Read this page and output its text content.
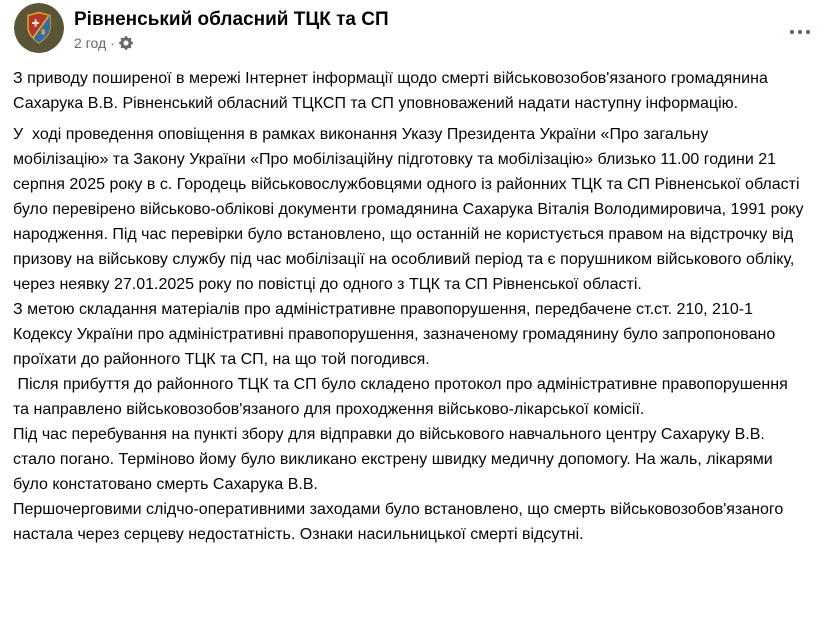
Рівненський обласний ТЦК та СП
2 год ·

З приводу поширеної в мережі Інтернет інформації щодо смерті військовозобов'язаного громадянина  Сахарука В.В. Рівненський обласний ТЦКСП та СП уповноважений надати наступну інформацію.

У  ході проведення оповіщення в рамках виконання Указу Президента України «Про загальну мобілізацію» та Закону України «Про мобілізаційну підготовку та мобілізацію» близько 11.00 години 21 серпня 2025 року в с. Городець військовослужбовцями одного із районних ТЦК та СП Рівненської області було перевірено військово-облікові документи громадянина Сахарука Віталія Володимировича, 1991 року народження. Під час перевірки було встановлено, що останній не користується правом на відстрочку від призову на військову службу під час мобілізації на особливий період та є порушником військового обліку, через неявку 27.01.2025 року по повістці до одного з ТЦК та СП Рівненської області.

З метою складання матеріалів про адміністративне правопорушення, передбачене ст.ст. 210, 210-1 Кодексу України про адміністративні правопорушення, зазначеному громадянину було запропоновано проїхати до районного ТЦК та СП, на що той погодився.

Після прибуття до районного ТЦК та СП було складено протокол про адміністративне правопорушення та направлено військовозобов'язаного для проходження військово-лікарської комісії.

Під час перебування на пункті збору для відправки до військового навчального центру Сахаруку В.В. стало погано. Терміново йому було викликано екстрену швидку медичну допомогу. На жаль, лікарями було констатовано смерть Сахарука В.В.

Першочерговими слідчо-оперативними заходами було встановлено, що смерть військовозобов'язаного настала через серцеву недостатність. Ознаки насильницької смерті відсутні.
